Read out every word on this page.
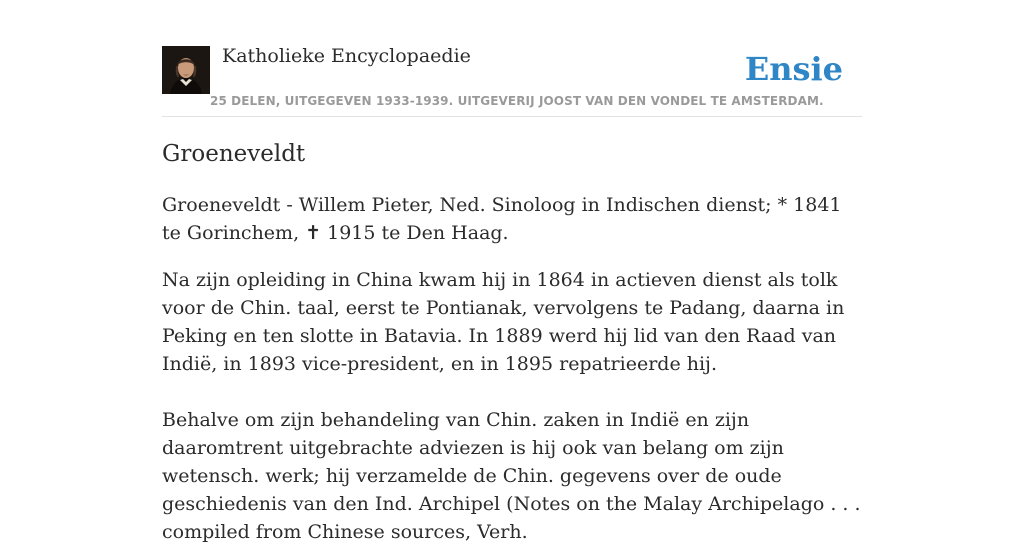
Katholieke Encyclopaedie
25 DELEN, UITGEGEVEN 1933-1939. UITGEVERIJ JOOST VAN DEN VONDEL TE AMSTERDAM.
Ensie
Groeneveldt

Groeneveldt - Willem Pieter, Ned. Sinoloog in Indischen dienst; * 1841 te Gorinchem, ✝ 1915 te Den Haag.

Na zijn opleiding in China kwam hij in 1864 in actieven dienst als tolk voor de Chin. taal, eerst te Pontianak, vervolgens te Padang, daarna in Peking en ten slotte in Batavia. In 1889 werd hij lid van den Raad van Indië, in 1893 vice-president, en in 1895 repatrieerde hij.

Behalve om zijn behandeling van Chin. zaken in Indië en zijn daaromtrent uitgebrachte adviezen is hij ook van belang om zijn wetensch. werk; hij verzamelde de Chin. gegevens over de oude geschiedenis van den Ind. Archipel (Notes on the Malay Archipelago . . . compiled from Chinese sources, Verh.
